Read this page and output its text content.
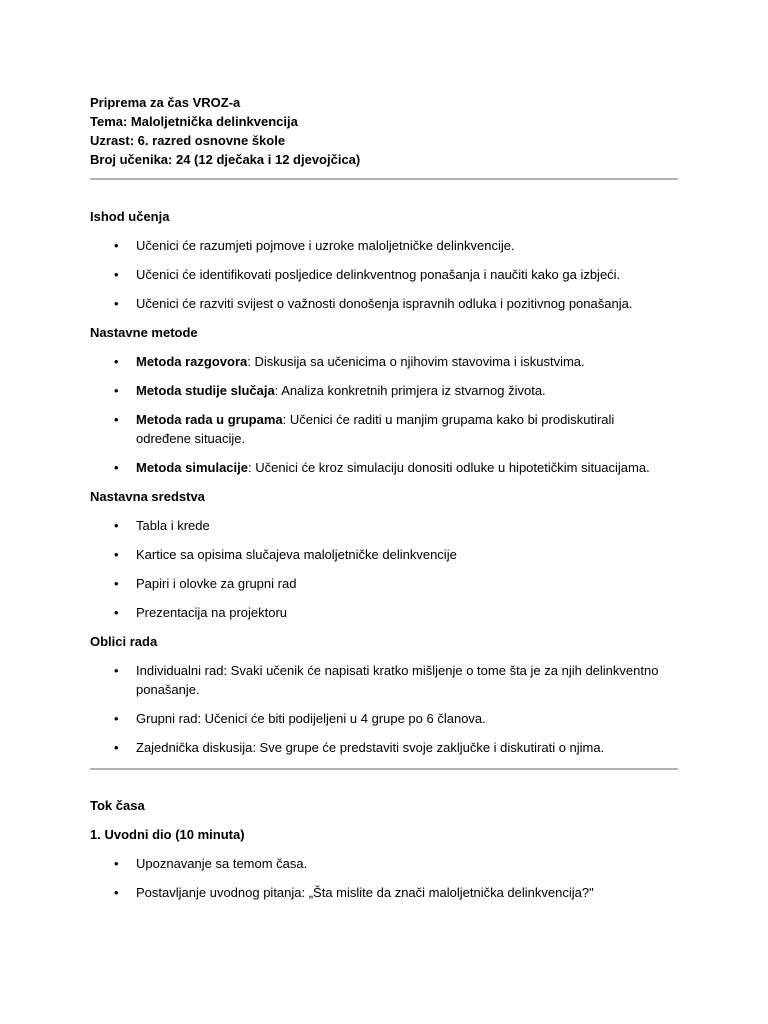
Priprema za čas VROZ-a
Tema: Maloljetnička delinkvencija
Uzrast: 6. razred osnovne škole
Broj učenika: 24 (12 dječaka i 12 djevojčica)
Ishod učenja
• Učenici će razumjeti pojmove i uzroke maloljetničke delinkvencije.
• Učenici će identifikovati posljedice delinkventnog ponašanja i naučiti kako ga izbjeći.
• Učenici će razviti svijest o važnosti donošenja ispravnih odluka i pozitivnog ponašanja.
Nastavne metode
• Metoda razgovora: Diskusija sa učenicima o njihovim stavovima i iskustvima.
• Metoda studije slučaja: Analiza konkretnih primjera iz stvarnog života.
• Metoda rada u grupama: Učenici će raditi u manjim grupama kako bi prodiskutirali određene situacije.
• Metoda simulacije: Učenici će kroz simulaciju donositi odluke u hipotetičkim situacijama.
Nastavna sredstva
• Tabla i krede
• Kartice sa opisima slučajeva maloljetničke delinkvencije
• Papiri i olovke za grupni rad
• Prezentacija na projektoru
Oblici rada
• Individualni rad: Svaki učenik će napisati kratko mišljenje o tome šta je za njih delinkventno ponašanje.
• Grupni rad: Učenici će biti podijeljeni u 4 grupe po 6 članova.
• Zajednička diskusija: Sve grupe će predstaviti svoje zaključke i diskutirati o njima.
Tok časa
1. Uvodni dio (10 minuta)
• Upoznavanje sa temom časa.
• Postavljanje uvodnog pitanja: „Šta mislite da znači maloljetnička delinkvencija?"
